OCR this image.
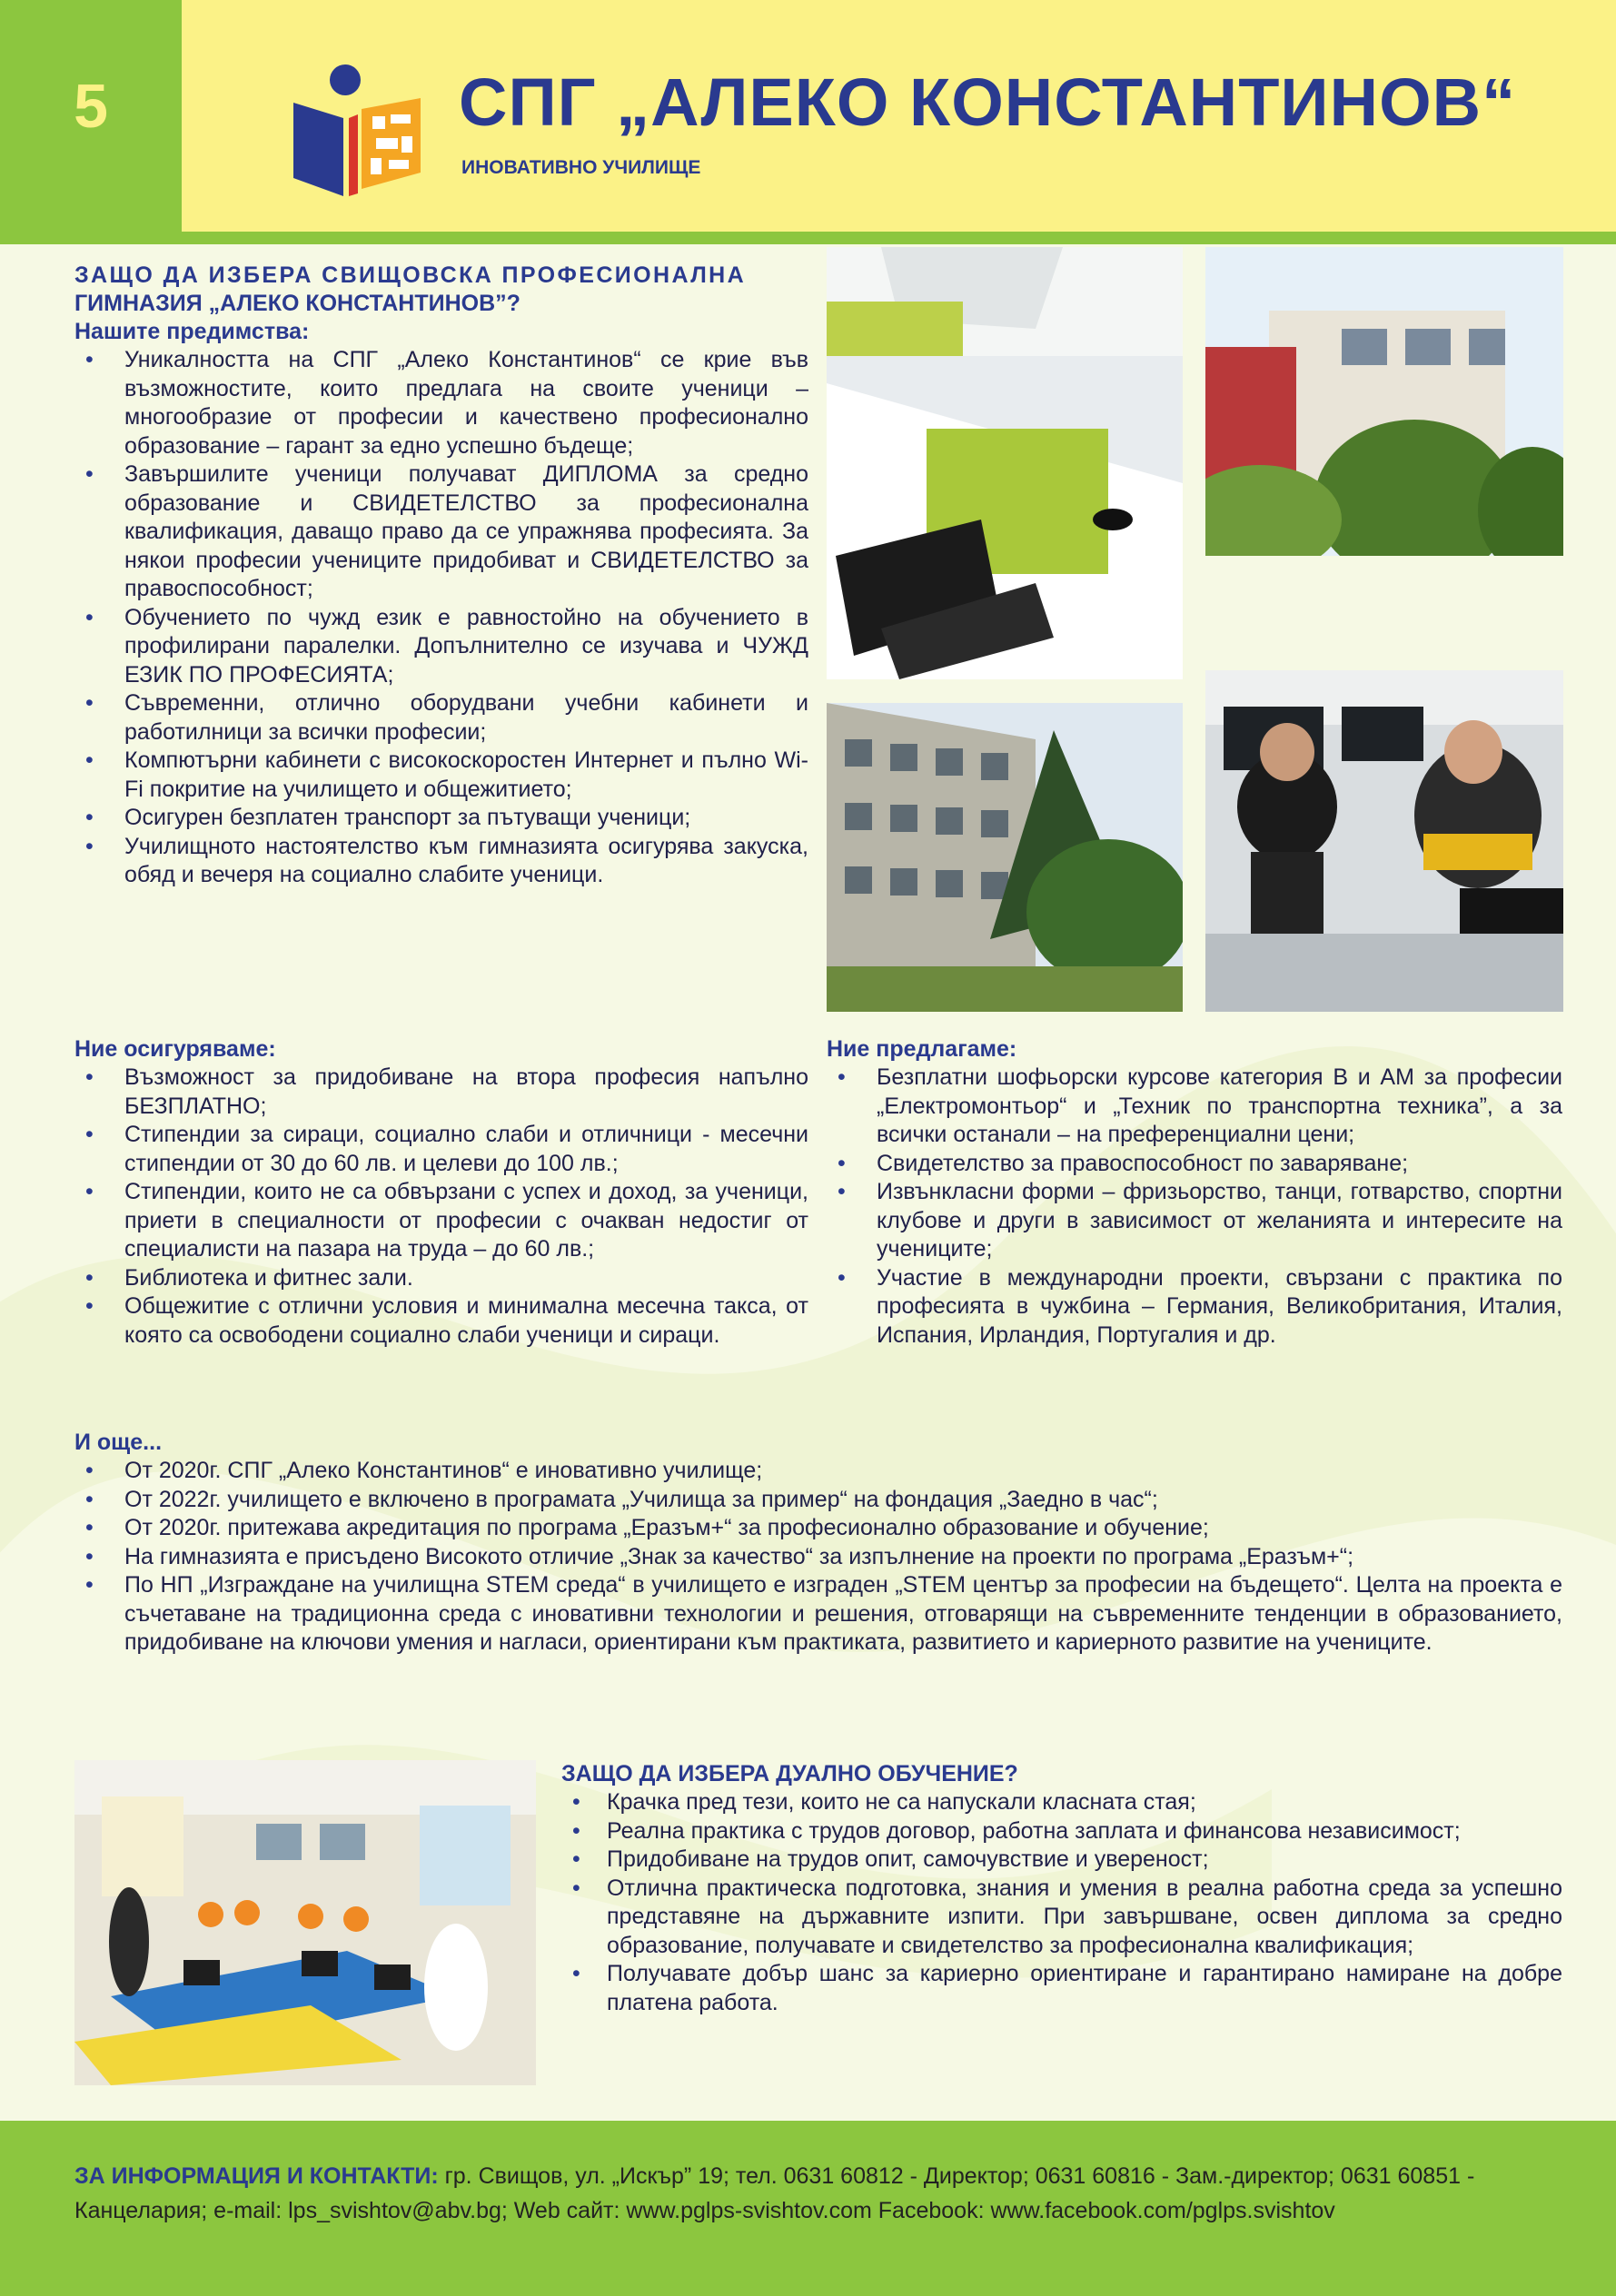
5	СПГ „АЛЕКО КОНСТАНТИНОВ“
ИНОВАТИВНО УЧИЛИЩЕ
ЗАЩО ДА ИЗБЕРА СВИЩОВСКА ПРОФЕСИОНАЛНА
ГИМНАЗИЯ „АЛЕКО КОНСТАНТИНОВ”?
Нашите предимства:
• Уникалността на СПГ „Алеко Константинов“ се крие във възможностите, които предлага на своите ученици – многообразие от професии и качествено професионално образование – гарант за едно успешно бъдеще;
• Завършилите ученици получават ДИПЛОМА за средно образование и СВИДЕТЕЛСТВО за професионална квалификация, даващо право да се упражнява професията. За някои професии учениците придобиват и СВИДЕТЕЛСТВО за правоспособност;
• Обучението по чужд език е равностойно на обучението в профилирани паралелки. Допълнително се изучава и ЧУЖД ЕЗИК ПО ПРОФЕСИЯТА;
• Съвременни, отлично оборудвани учебни кабинети и работилници за всички професии;
• Компютърни кабинети с високоскоростен Интернет и пълно Wi-Fi покритие на училището и общежитието;
• Осигурен безплатен транспорт за пътуващи ученици;
• Училищното настоятелство към гимназията осигурява закуска, обяд и вечеря на социално слабите ученици.
Ние осигуряваме:
• Възможност за придобиване на втора професия напълно БЕЗПЛАТНО;
• Стипендии за сираци, социално слаби и отличници - месечни стипендии от 30 до 60 лв. и целеви до 100 лв.;
• Стипендии, които не са обвързани с успех и доход, за ученици, приети в специалности от професии с очакван недостиг от специалисти на пазара на труда – до 60 лв.;
• Библиотека и фитнес зали.
• Общежитие с отлични условия и минимална месечна такса, от която са освободени социално слаби ученици и сираци.
Ние предлагаме:
• Безплатни шофьорски курсове категория В и АМ за професии „Електромонтьор“ и „Техник по транспортна техника”, а за всички останали – на преференциални цени;
• Свидетелство за правоспособност по заваряване;
• Извънкласни форми – фризьорство, танци, готварство, спортни клубове и други в зависимост от желанията и интересите на учениците;
• Участие в международни проекти, свързани с практика по професията в чужбина – Германия, Великобритания, Италия, Испания, Ирландия, Португалия и др.
И още...
• От 2020г. СПГ „Алеко Константинов“ е иновативно училище;
• От 2022г. училището е включено в програмата „Училища за пример“ на фондация „Заедно в час“;
• От 2020г. притежава акредитация по програма „Еразъм+“ за професионално образование и обучение;
• На гимназията е присъдено Високото отличие „Знак за качество“ за изпълнение на проекти по програма „Еразъм+“;
• По НП „Изграждане на училищна STEM среда“ в училището е изграден „STEM център за професии на бъдещето“. Целта на проекта е съчетаване на традиционна среда с иновативни технологии и решения, отговарящи на съвременните тенденции в образованието, придобиване на ключови умения и нагласи, ориентирани към практиката, развитието и кариерното развитие на учениците.
ЗАЩО ДА ИЗБЕРА ДУАЛНО ОБУЧЕНИЕ?
• Крачка пред тези, които не са напускали класната стая;
• Реална практика с трудов договор, работна заплата и финансова независимост;
• Придобиване на трудов опит, самочувствие и увереност;
• Отлична практическа подготовка, знания и умения в реална работна среда за успешно представяне на държавните изпити. При завършване, освен диплома за средно образование, получавате и свидетелство за професионална квалификация;
• Получавате добър шанс за кариерно ориентиране и гарантирано намиране на добре платена работа.
ЗА ИНФОРМАЦИЯ И КОНТАКТИ: гр. Свищов, ул. „Искър” 19; тел. 0631 60812 - Директор; 0631 60816 - Зам.-директор; 0631 60851 - Канцелария; e-mail: lps_svishtov@abv.bg; Web сайт: www.pglps-svishtov.com Facebook: www.facebook.com/pglps.svishtov
